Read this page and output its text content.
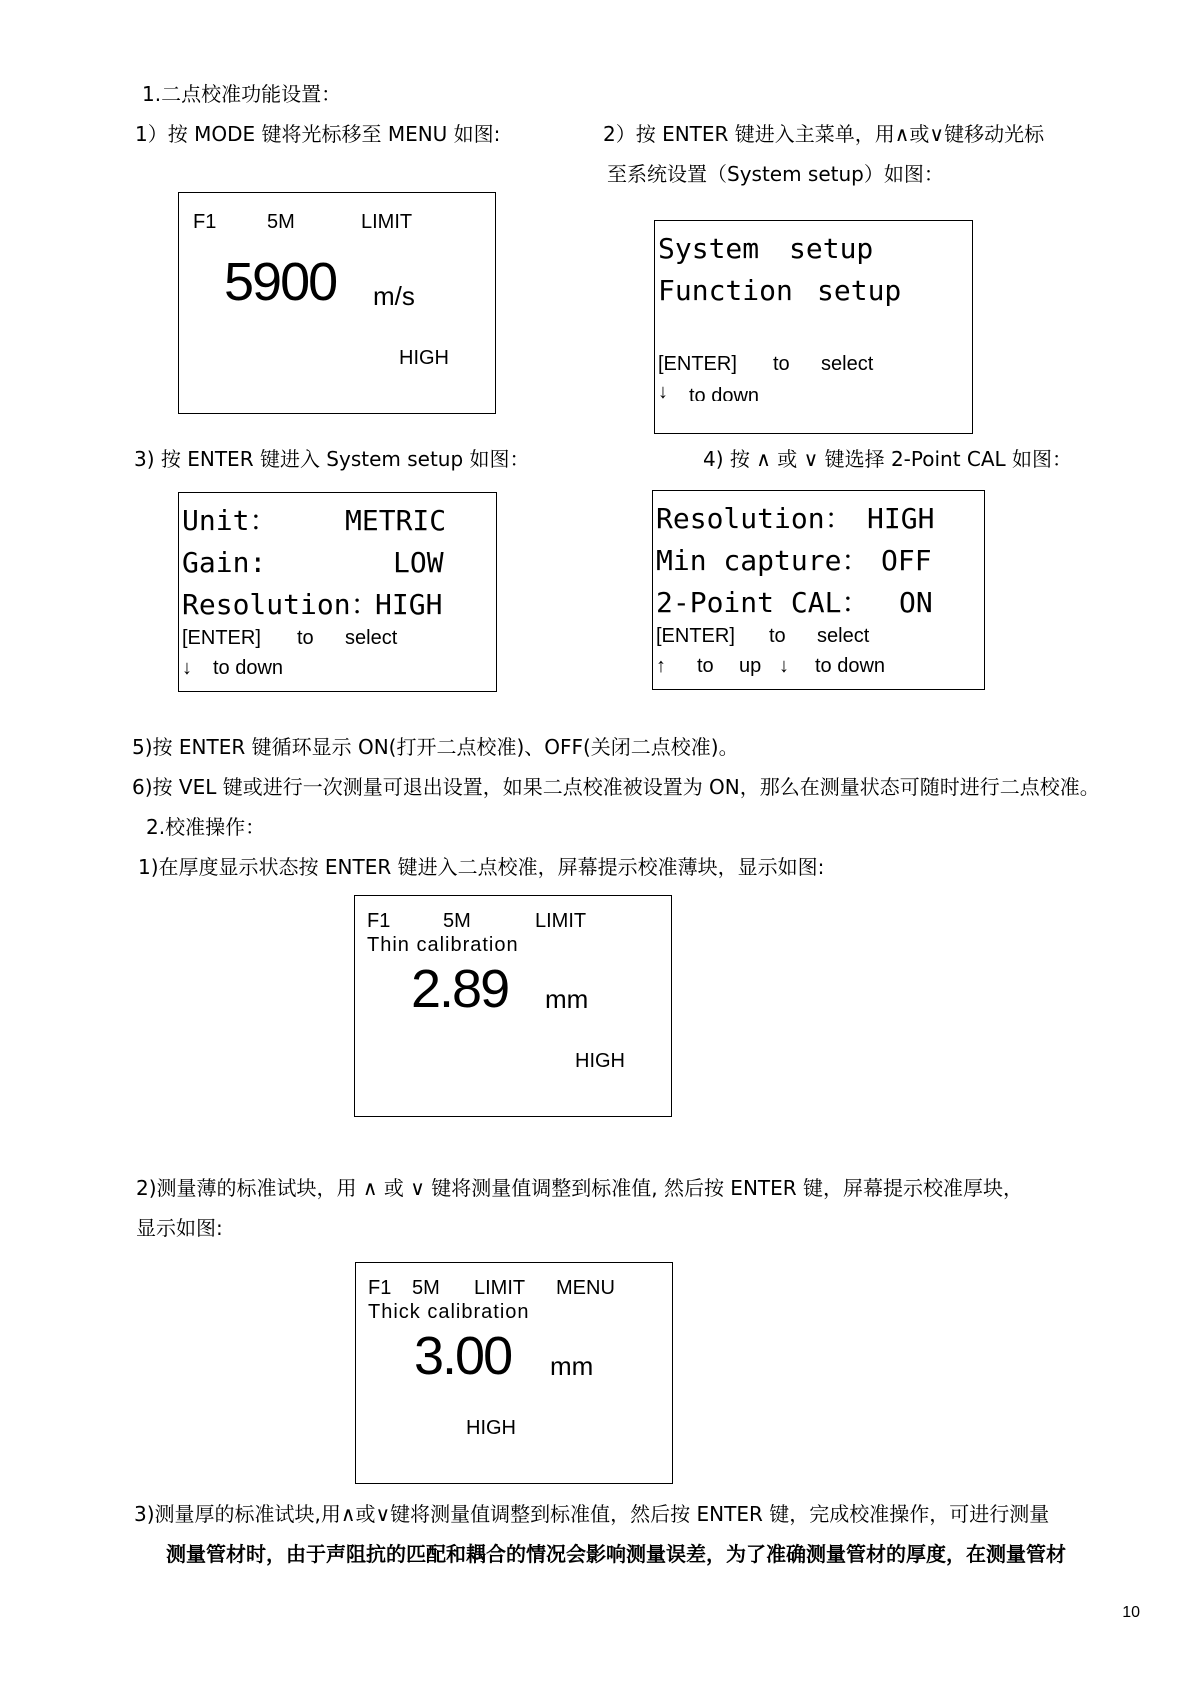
1.二点校准功能设置：
1）按 MODE 键将光标移至 MENU 如图:	2）按 ENTER 键进入主菜单，用∧或∨键移动光标
至系统设置（System setup）如图：
F1	5M	LIMIT
5900 m/s
HIGH
System setup
Function setup
[ENTER] to select
↓ to down
3) 按 ENTER 键进入 System setup 如图：	4) 按 ∧ 或 ∨ 键选择 2-Point CAL 如图：
Unit： METRIC
Gain:	LOW
Resolution：
HIGH
[ENTER] to select
↓ to down
Resolution： HIGH
Min capture： OFF
2-Point CAL： ON
[ENTER] to select
↑ to up ↓ to down
5)按 ENTER 键循环显示 ON(打开二点校准)、OFF(关闭二点校准)。
6)按 VEL 键或进行一次测量可退出设置，如果二点校准被设置为 ON，那么在测量状态可随时进行二点校准。
2.校准操作：
1)在厚度显示状态按 ENTER 键进入二点校准，屏幕提示校准薄块，显示如图:
F1	5M	LIMIT
Thin calibration
2.89 mm
HIGH
2)测量薄的标准试块，用 ∧ 或 ∨ 键将测量值调整到标准值, 然后按 ENTER 键，屏幕提示校准厚块，
显示如图:
F1 5M LIMIT MENU
Thick calibration
3.00 mm
HIGH
3)测量厚的标准试块,用∧或∨键将测量值调整到标准值，然后按 ENTER 键，完成校准操作，可进行测量
测量管材时，由于声阻抗的匹配和耦合的情况会影响测量误差，为了准确测量管材的厚度，在测量管材
10
